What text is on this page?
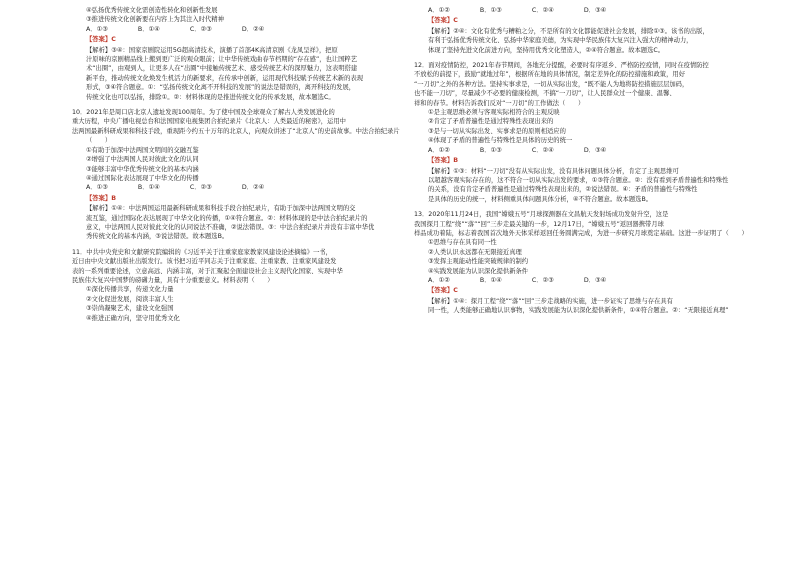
④弘扬优秀传统文化需创造性转化和创新性发展
③推进传统文化创新要在内容上为其注入时代精神
A．①③	B．①④	C．②③	D．②④
【答案】C
【解析】③④：国家京剧院运用5G超高清技术，演播了首部4K高清京剧《龙凤呈祥》，把原
汁原味的京剧精品线上搬到更广泛的观众眼前；让中华传统戏曲春节档期的“存在感”，也让国粹艺
术“出圈”，由观到人，让更多人在“出圈”中接触传统艺术、感受传统艺术的深厚魅力，这表明搭建
新平台，推动传统文化焕发生机活力的新要求，在传承中创新，运用现代科技赋予传统艺术新的表现
形式，③④符合题意。①：“弘扬传统文化离不开科技的发展”的说法是错误的，离开科技的发展，
传统文化也可以弘扬，排除①。②：材料体现的是推进传统文化的传承发展，故本题选C。
10．2021年是周口店北京人遗址发现100周年。为了使中国及全球观众了解古人类发展进化的
重大历程，中央广播电视总台和法国国家电视集团合拍纪录片《北京人：人类最近的秘密》，运用中
法两国最新科研成果和科技手段，重现距今约五十万年的北京人，向观众讲述了“北京人”的史前故事。中法合拍纪录片
（　　）
①有助于加深中法两国文明间的交融互鉴
②增强了中法两国人民对彼此文化的认同
③能够丰富中华优秀传统文化的基本内涵
④通过国际化表达展现了中华文化的传播
A．①③	B．①④	C．②③	D．②④
【答案】B
【解析】①④：中法两国运用最新科研成果和科技手段合拍纪录片，有助于加深中法两国文明的交
流互鉴，通过国际化表达展现了中华文化的传播，①④符合题意。②：材料体现的是中法合拍纪录片的
意义，中法两国人民对彼此文化的认同说法不准确，②说法错误。③：中法合拍纪录片并没有丰富中华优
秀传统文化的基本内涵，③说法错误。故本题选B。
11．中共中央党史和文献研究院编辑的《习近平关于注重家庭家教家风建设论述摘编》一书，
近日由中央文献出版社出版发行。该书把习近平同志关于注重家庭、注重家教、注重家风建设发
表的一系列重要论述，立意高远、内涵丰富，对于汇聚起全面建设社会主义现代化国家、实现中华
民族伟大复兴中国梦的磅礴力量，具有十分重要意义。材料表明（　　）
①深化传播共享，传递文化力量
②文化促进发展，阅读丰富人生
③崇尚凝聚艺术，建设文化强国
④推进正确方向，坚守用优秀文化
A．①②	B．①③	C．②④	D．③④
【答案】C
【解析】②④：文化有优秀与糟粕之分，不是所有的文化都能促进社会发展，排除①③。该书的出版，
有利于弘扬优秀传统文化、弘扬中华家庭美德，为实现中华民族伟大复兴注入强大的精神动力，
体现了坚持先进文化前进方向，坚持用优秀文化塑造人，②④符合题意。故本题选C。
12．面对疫情防控，2021年春节期间，各地充分提醒，必要时有序返乡、严格防控疫情，同时在疫情防控
不放松的前提下，鼓励“就地过年”，根据所在地的具体情况，制定差异化的防控措施和政策，用好
“一刀切”之外的各种方法。坚持实事求是，一切从实际出发，“既不能人为地将防控措施层层加码，
也不能一刀切”，尽量减少不必要的健康检测，不搞“一刀切”，让人民群众过一个健康、温馨、
祥和的春节。材料告诉我们反对“一刀切”的工作做法（　　）
①是主观思维必须与客观实际相符合的主观反映
②肯定了矛盾普遍性是通过特殊性表现出来的
③是与一切从实际出发、实事求是的原则相适应的
④体现了矛盾的普遍性与特殊性是具体的历史的统一
A．①②	B．①③	C．②④	D．③④
【答案】B
【解析】①③：材料“一刀切”没有从实际出发，没有具体问题具体分析，肯定了主观思维可
以超越客观实际存在的，这不符合一切从实际出发的要求，①③符合题意。②：没有看到矛盾普遍性和特殊性
的关系，没有肯定矛盾普遍性是通过特殊性表现出来的，②说法错误。④：矛盾的普遍性与特殊性
是具体的历史的统一，材料侧重具体问题具体分析，④不符合题意。故本题选B。
13．2020年11月24日，我国“嫦娥五号”月球探测器在文昌航天发射场成功发射升空，这是
我国探月工程“绕”“落”“回”三步走最关键的一步，12月17日，“嫦娥五号”返回器携带月球
样品成功着陆，标志着我国首次地外天体采样返回任务圆满完成，为进一步研究月球奠定基础。这进一步证明了（　　）
①思维与存在具有同一性
②人类认识永远都在无限接近真理
③发挥主观能动性能突破规律的制约
④实践发展能为认识深化提供新条件
A．①②	B．①④	C．②③	D．③④
【答案】C
【解析】①④：探月工程“绕”“落”“回”三步走战略的实施，进一步证实了思维与存在具有
同一性，人类能够正确地认识事物，实践发展能为认识深化提供新条件，①④符合题意。②：“无限接近真理”
